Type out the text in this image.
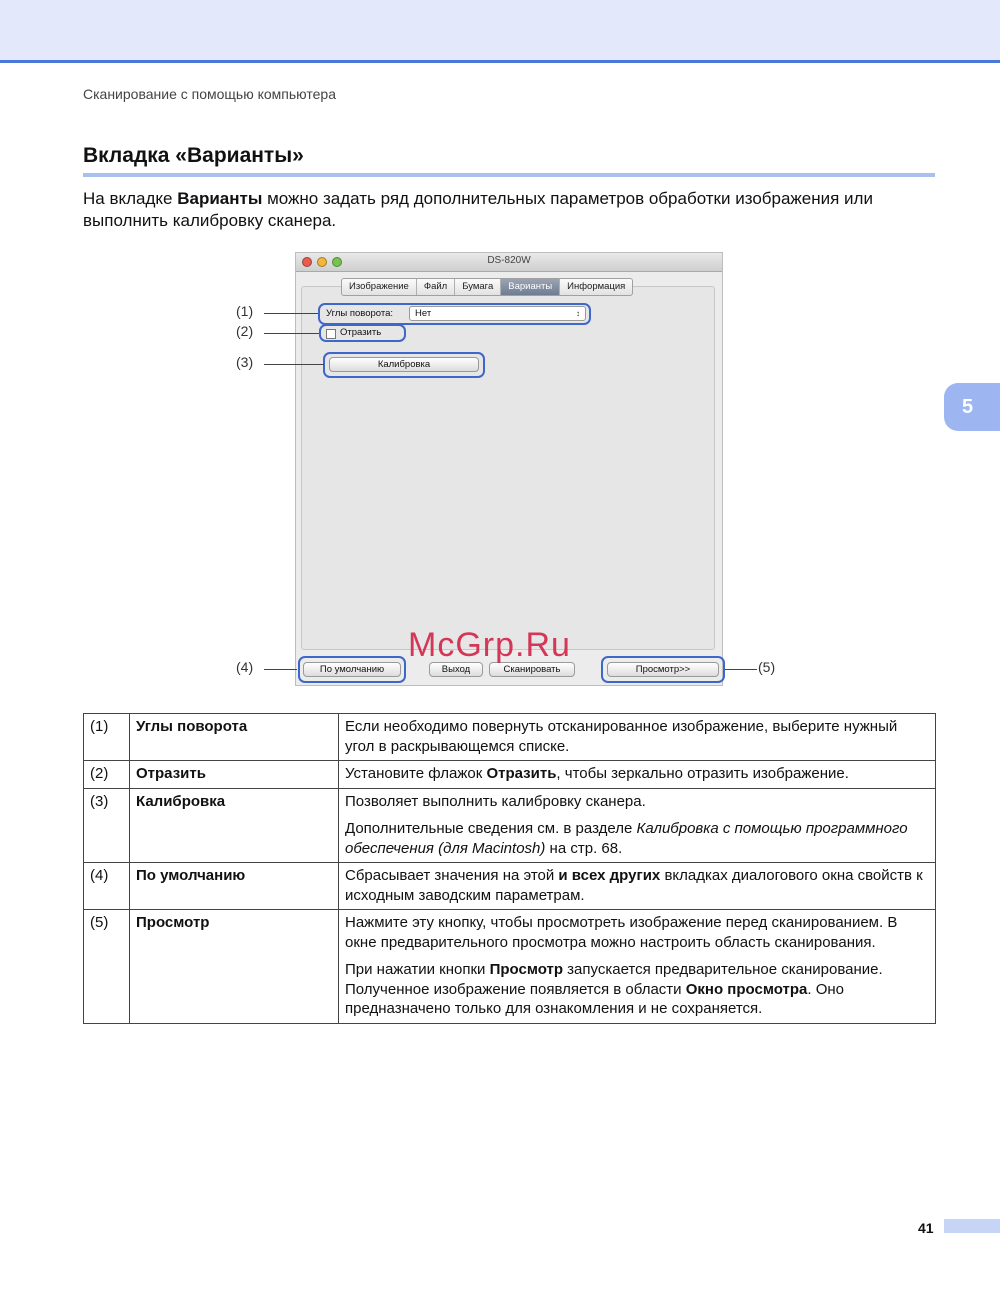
Сканирование с помощью компьютера
Вкладка «Варианты»
На вкладке Варианты можно задать ряд дополнительных параметров обработки изображения или выполнить калибровку сканера.
5
DS-820W
Изображение	Файл	Бумага	Варианты	Информация
Углы поворота:	Нет	↕
Отразить
Калибровка
По умолчанию	Выход	Сканировать	Просмотр>>
(1)
(2)
(3)
(4)	(5)
McGrp.Ru
(1)	Углы поворота	Если необходимо повернуть отсканированное изображение, выберите нужный угол в раскрывающемся списке.

(2)	Отразить	Установите флажок Отразить, чтобы зеркально отразить изображение.

(3)	Калибровка	Позволяет выполнить калибровку сканера.

Дополнительные сведения см. в разделе Калибровка с помощью программного обеспечения (для Macintosh) на стр. 68.

(4)	По умолчанию	Сбрасывает значения на этой и всех других вкладках диалогового окна свойств к исходным заводским параметрам.

(5)	Просмотр	Нажмите эту кнопку, чтобы просмотреть изображение перед сканированием. В окне предварительного просмотра можно настроить область сканирования.

При нажатии кнопки Просмотр запускается предварительное сканирование. Полученное изображение появляется в области Окно просмотра. Оно предназначено только для ознакомления и не сохраняется.

41
